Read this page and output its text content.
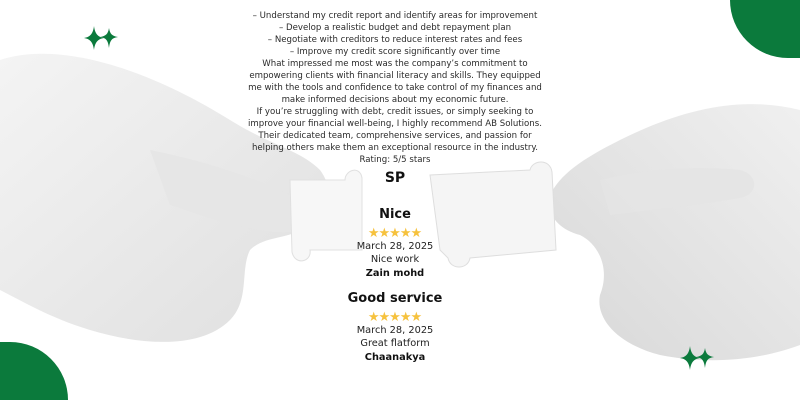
– Understand my credit report and identify areas for improvement
– Develop a realistic budget and debt repayment plan
– Negotiate with creditors to reduce interest rates and fees
– Improve my credit score significantly over time
What impressed me most was the company’s commitment to
empowering clients with financial literacy and skills. They equipped
me with the tools and confidence to take control of my finances and
make informed decisions about my economic future.
If you’re struggling with debt, credit issues, or simply seeking to
improve your financial well-being, I highly recommend AB Solutions.
Their dedicated team, comprehensive services, and passion for
helping others make them an exceptional resource in the industry.
Rating: 5/5 stars
SP
Nice
★★★★★
March 28, 2025
Nice work
Zain mohd
Good service
★★★★★
March 28, 2025
Great flatform
Chaanakya
